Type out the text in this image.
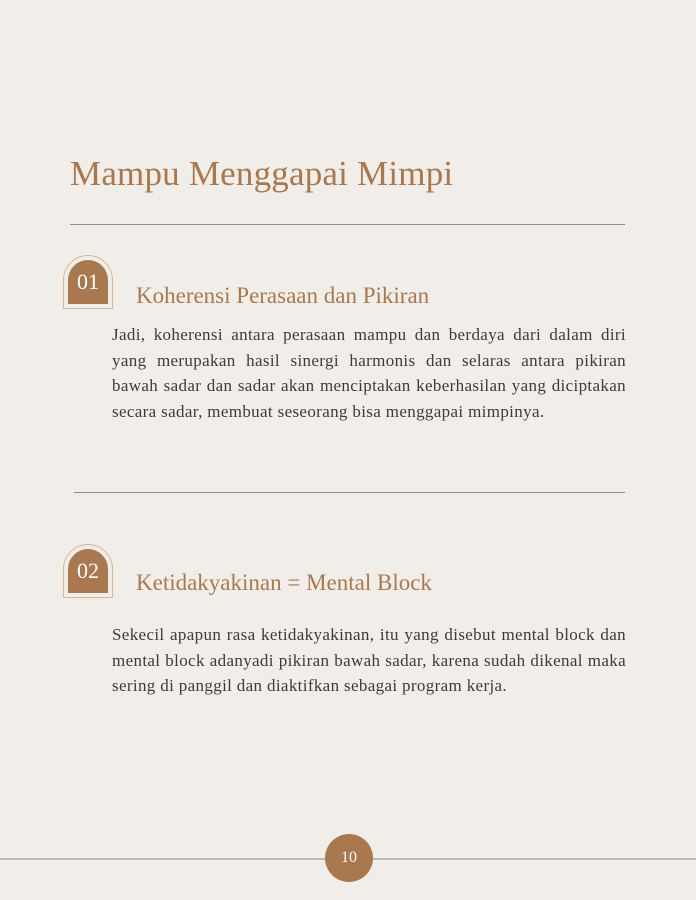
Mampu Menggapai Mimpi
01
Koherensi Perasaan dan Pikiran

Jadi, koherensi antara perasaan mampu dan berdaya dari dalam diri yang merupakan hasil sinergi harmonis dan selaras antara pikiran bawah sadar dan sadar akan menciptakan keberhasilan yang diciptakan secara sadar, membuat seseorang bisa menggapai mimpinya.

02	Ketidakyakinan = Mental Block

Sekecil apapun rasa ketidakyakinan, itu yang disebut mental block dan mental block adanyadi pikiran bawah sadar, karena sudah dikenal maka sering di panggil dan diaktifkan sebagai program kerja.

10
